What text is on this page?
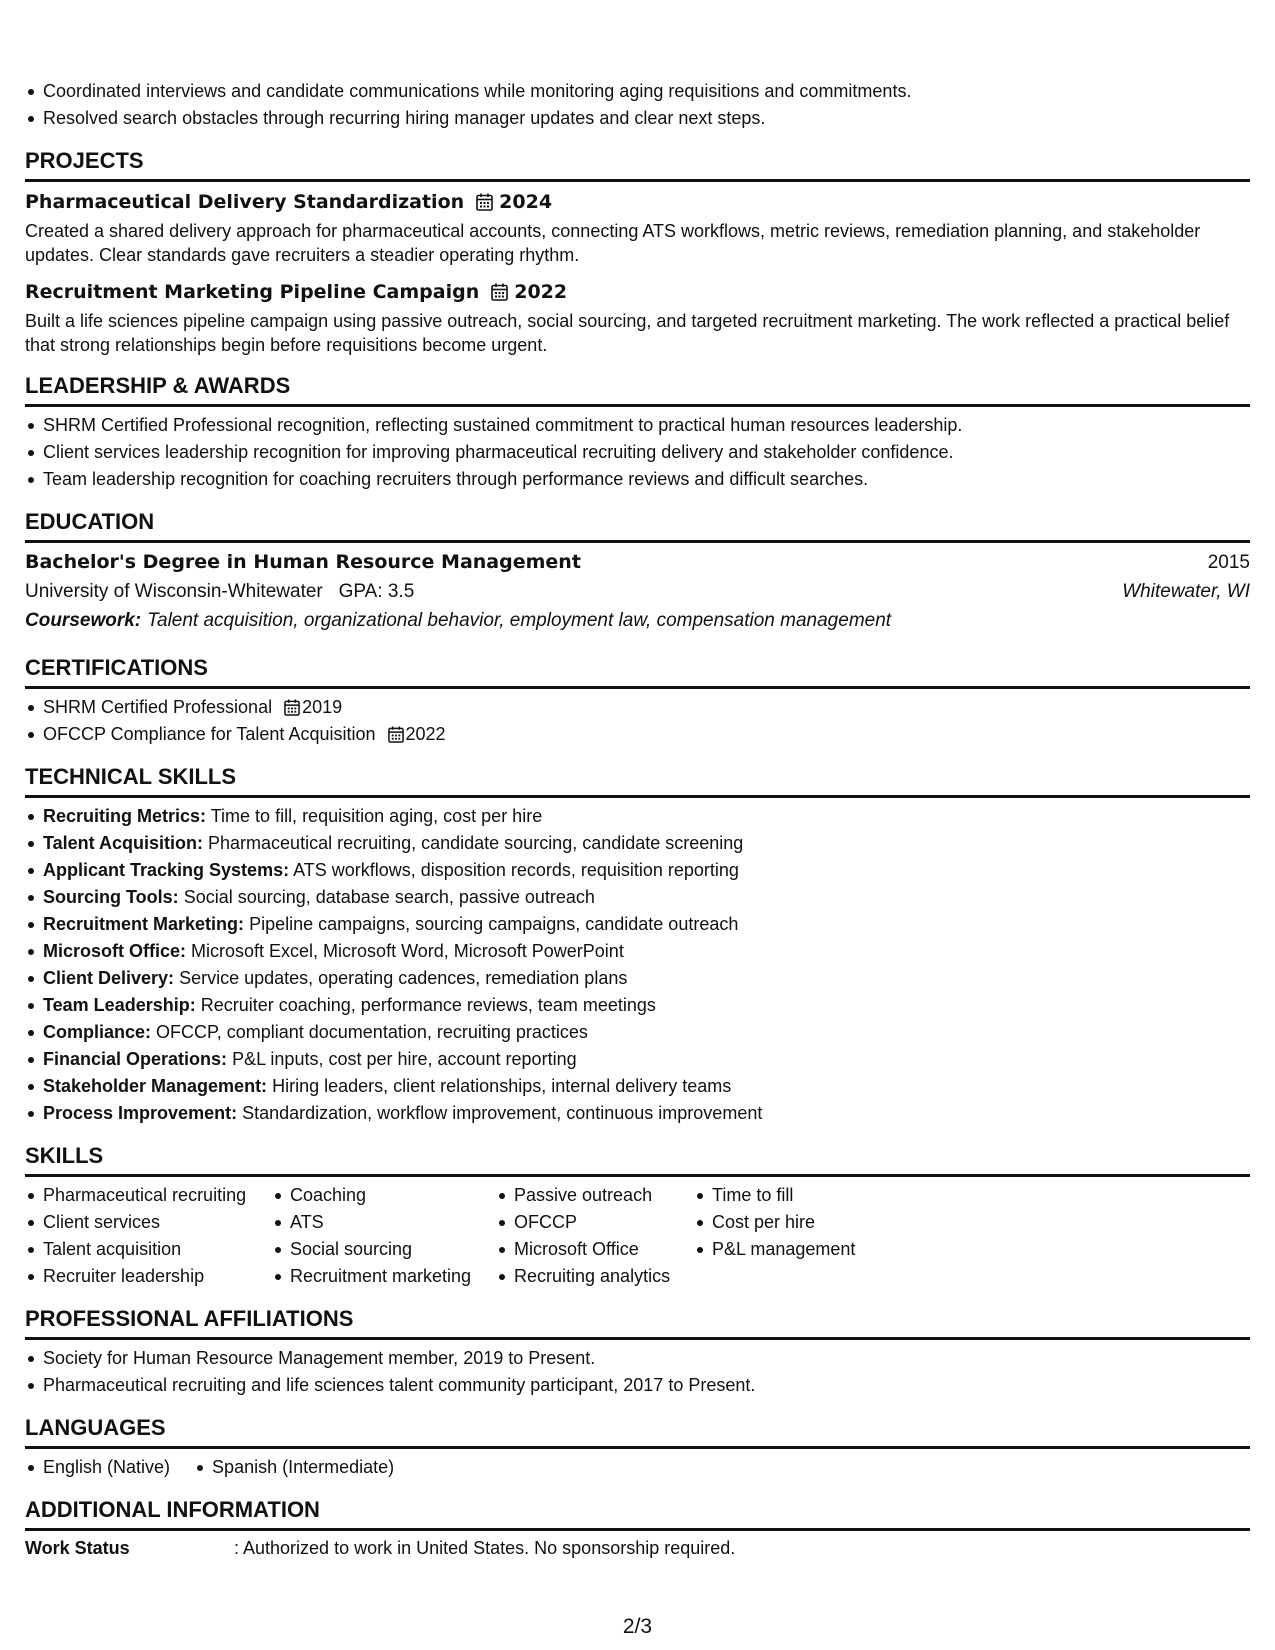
Coordinated interviews and candidate communications while monitoring aging requisitions and commitments.
Resolved search obstacles through recurring hiring manager updates and clear next steps.
PROJECTS
Pharmaceutical Delivery Standardization 2024

Created a shared delivery approach for pharmaceutical accounts, connecting ATS workflows, metric reviews, remediation planning, and stakeholder updates. Clear standards gave recruiters a steadier operating rhythm.

Recruitment Marketing Pipeline Campaign 2022

Built a life sciences pipeline campaign using passive outreach, social sourcing, and targeted recruitment marketing. The work reflected a practical belief that strong relationships begin before requisitions become urgent.

LEADERSHIP & AWARDS
SHRM Certified Professional recognition, reflecting sustained commitment to practical human resources leadership.
Client services leadership recognition for improving pharmaceutical recruiting delivery and stakeholder confidence.
Team leadership recognition for coaching recruiters through performance reviews and difficult searches.
EDUCATION
Bachelor's Degree in Human Resource Management	2015
University of Wisconsin-Whitewater   GPA: 3.5	Whitewater, WI
Coursework: Talent acquisition, organizational behavior, employment law, compensation management
CERTIFICATIONS
SHRM Certified Professional 2019
OFCCP Compliance for Talent Acquisition 2022
TECHNICAL SKILLS
Recruiting Metrics: Time to fill, requisition aging, cost per hire
Talent Acquisition: Pharmaceutical recruiting, candidate sourcing, candidate screening
Applicant Tracking Systems: ATS workflows, disposition records, requisition reporting
Sourcing Tools: Social sourcing, database search, passive outreach
Recruitment Marketing: Pipeline campaigns, sourcing campaigns, candidate outreach
Microsoft Office: Microsoft Excel, Microsoft Word, Microsoft PowerPoint
Client Delivery: Service updates, operating cadences, remediation plans
Team Leadership: Recruiter coaching, performance reviews, team meetings
Compliance: OFCCP, compliant documentation, recruiting practices
Financial Operations: P&L inputs, cost per hire, account reporting
Stakeholder Management: Hiring leaders, client relationships, internal delivery teams
Process Improvement: Standardization, workflow improvement, continuous improvement
SKILLS
Pharmaceutical recruiting
Client services
Talent acquisition
Recruiter leadership
Coaching
ATS
Social sourcing
Recruitment marketing
Passive outreach
OFCCP
Microsoft Office
Recruiting analytics
Time to fill
Cost per hire
P&L management
PROFESSIONAL AFFILIATIONS
Society for Human Resource Management member, 2019 to Present.
Pharmaceutical recruiting and life sciences talent community participant, 2017 to Present.
LANGUAGES
English (Native)	Spanish (Intermediate)
ADDITIONAL INFORMATION
Work Status	: Authorized to work in United States. No sponsorship required.
2/3
